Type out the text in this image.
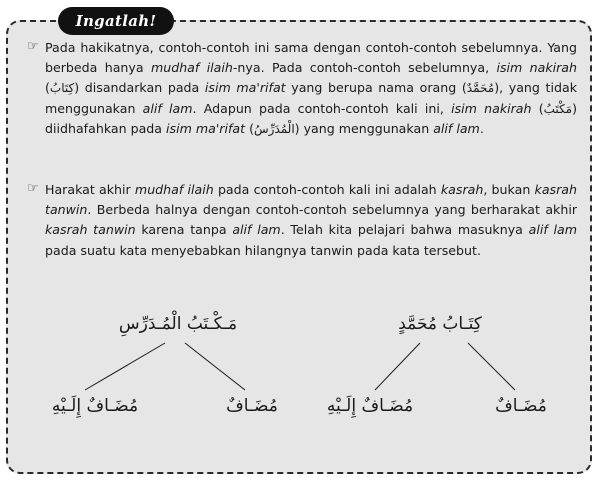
Ingatlah!
☞ Pada hakikatnya, contoh-contoh ini sama dengan contoh-contoh sebelumnya. Yang berbeda hanya mudhaf ilaih-nya. Pada contoh-contoh sebelumnya, isim nakirah (كِتَابُ) disandarkan pada isim ma'rifat yang berupa nama orang (مُحَمَّدٌ), yang tidak menggunakan alif lam. Adapun pada contoh-contoh kali ini, isim nakirah (مَكْتَبُ) diidhafahkan pada isim ma'rifat (الْمُدَرِّسُ) yang menggunakan alif lam.

☞ Harakat akhir mudhaf ilaih pada contoh-contoh kali ini adalah kasrah, bukan kasrah tanwin. Berbeda halnya dengan contoh-contoh sebelumnya yang berharakat akhir kasrah tanwin karena tanpa alif lam. Telah kita pelajari bahwa masuknya alif lam pada suatu kata menyebabkan hilangnya tanwin pada kata tersebut.

مَـكْـتَبُ الْمُـدَرِّسِ
مُضَـافٌ إِلَـيْهِ	مُضَـافٌ
كِتَـابُ مُحَمَّدٍ
مُضَـافٌ إِلَـيْهِ	مُضَـافٌ
